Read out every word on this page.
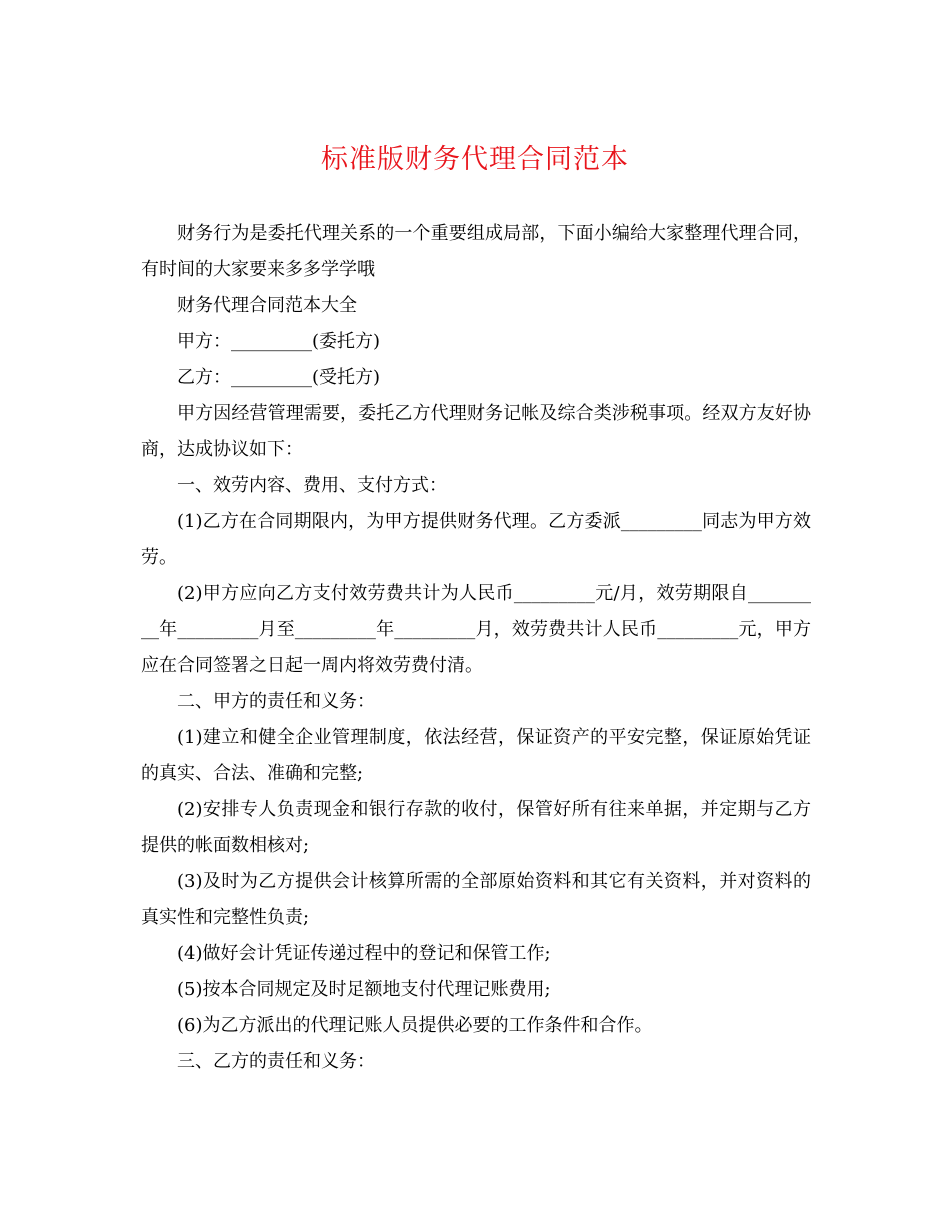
标准版财务代理合同范本

财务行为是委托代理关系的一个重要组成局部，下面小编给大家整理代理合同，有时间的大家要来多多学学哦

财务代理合同范本大全

甲方：_________(委托方)

乙方：_________(受托方)

甲方因经营管理需要，委托乙方代理财务记帐及综合类涉税事项。经双方友好协商，达成协议如下：

一、效劳内容、费用、支付方式：

(1)乙方在合同期限内，为甲方提供财务代理。乙方委派_________同志为甲方效劳。

(2)甲方应向乙方支付效劳费共计为人民币_________元/月，效劳期限自_________年_________月至_________年_________月，效劳费共计人民币_________元，甲方应在合同签署之日起一周内将效劳费付清。

二、甲方的责任和义务：

(1)建立和健全企业管理制度，依法经营，保证资产的平安完整，保证原始凭证的真实、合法、准确和完整;

(2)安排专人负责现金和银行存款的收付，保管好所有往来单据，并定期与乙方提供的帐面数相核对;

(3)及时为乙方提供会计核算所需的全部原始资料和其它有关资料，并对资料的真实性和完整性负责;

(4)做好会计凭证传递过程中的登记和保管工作;

(5)按本合同规定及时足额地支付代理记账费用;

(6)为乙方派出的代理记账人员提供必要的工作条件和合作。

三、乙方的责任和义务：
